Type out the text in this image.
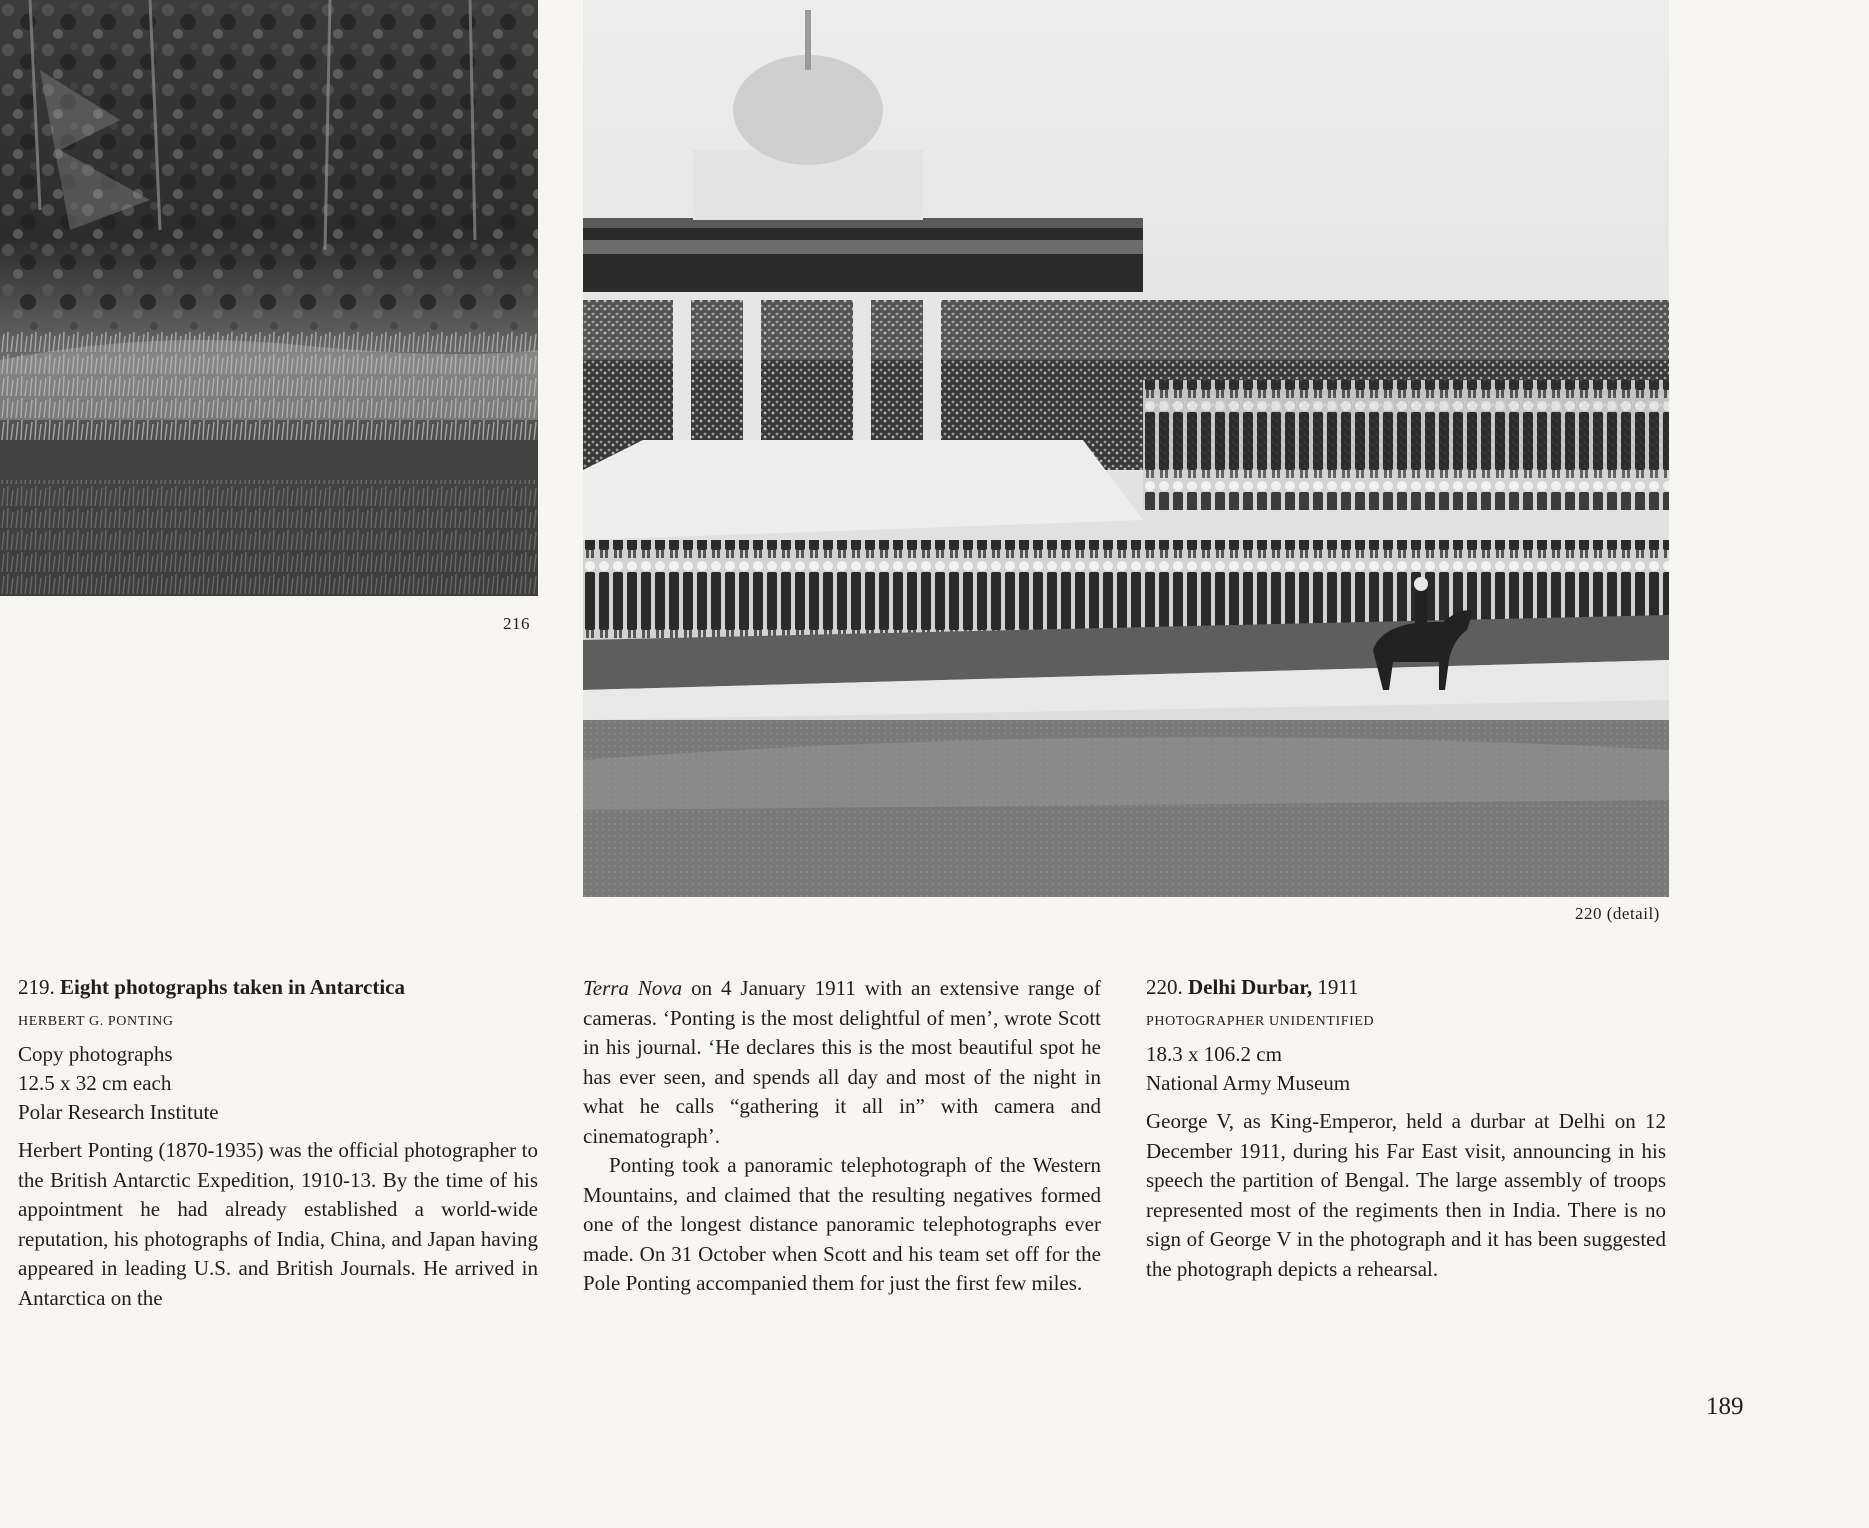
216
220 (detail)
219. Eight photographs taken in Antarctica
HERBERT G. PONTING
Copy photographs
12.5 x 32 cm each
Polar Research Institute

Herbert Ponting (1870-1935) was the official photographer to the British Antarctic Expedition, 1910-13. By the time of his appointment he had already established a world-wide reputation, his photographs of India, China, and Japan having appeared in leading U.S. and British Journals. He arrived in Antarctica on the

Terra Nova on 4 January 1911 with an extensive range of cameras. ‘Ponting is the most delightful of men’, wrote Scott in his journal. ‘He declares this is the most beautiful spot he has ever seen, and spends all day and most of the night in what he calls “gathering it all in” with camera and cinematograph’.

Ponting took a panoramic telephotograph of the Western Mountains, and claimed that the resulting negatives formed one of the longest distance panoramic telephotographs ever made. On 31 October when Scott and his team set off for the Pole Ponting accompanied them for just the first few miles.

220. Delhi Durbar, 1911
PHOTOGRAPHER UNIDENTIFIED
18.3 x 106.2 cm
National Army Museum

George V, as King-Emperor, held a durbar at Delhi on 12 December 1911, during his Far East visit, announcing in his speech the partition of Bengal. The large assembly of troops represented most of the regiments then in India. There is no sign of George V in the photograph and it has been suggested the photograph depicts a rehearsal.

189
